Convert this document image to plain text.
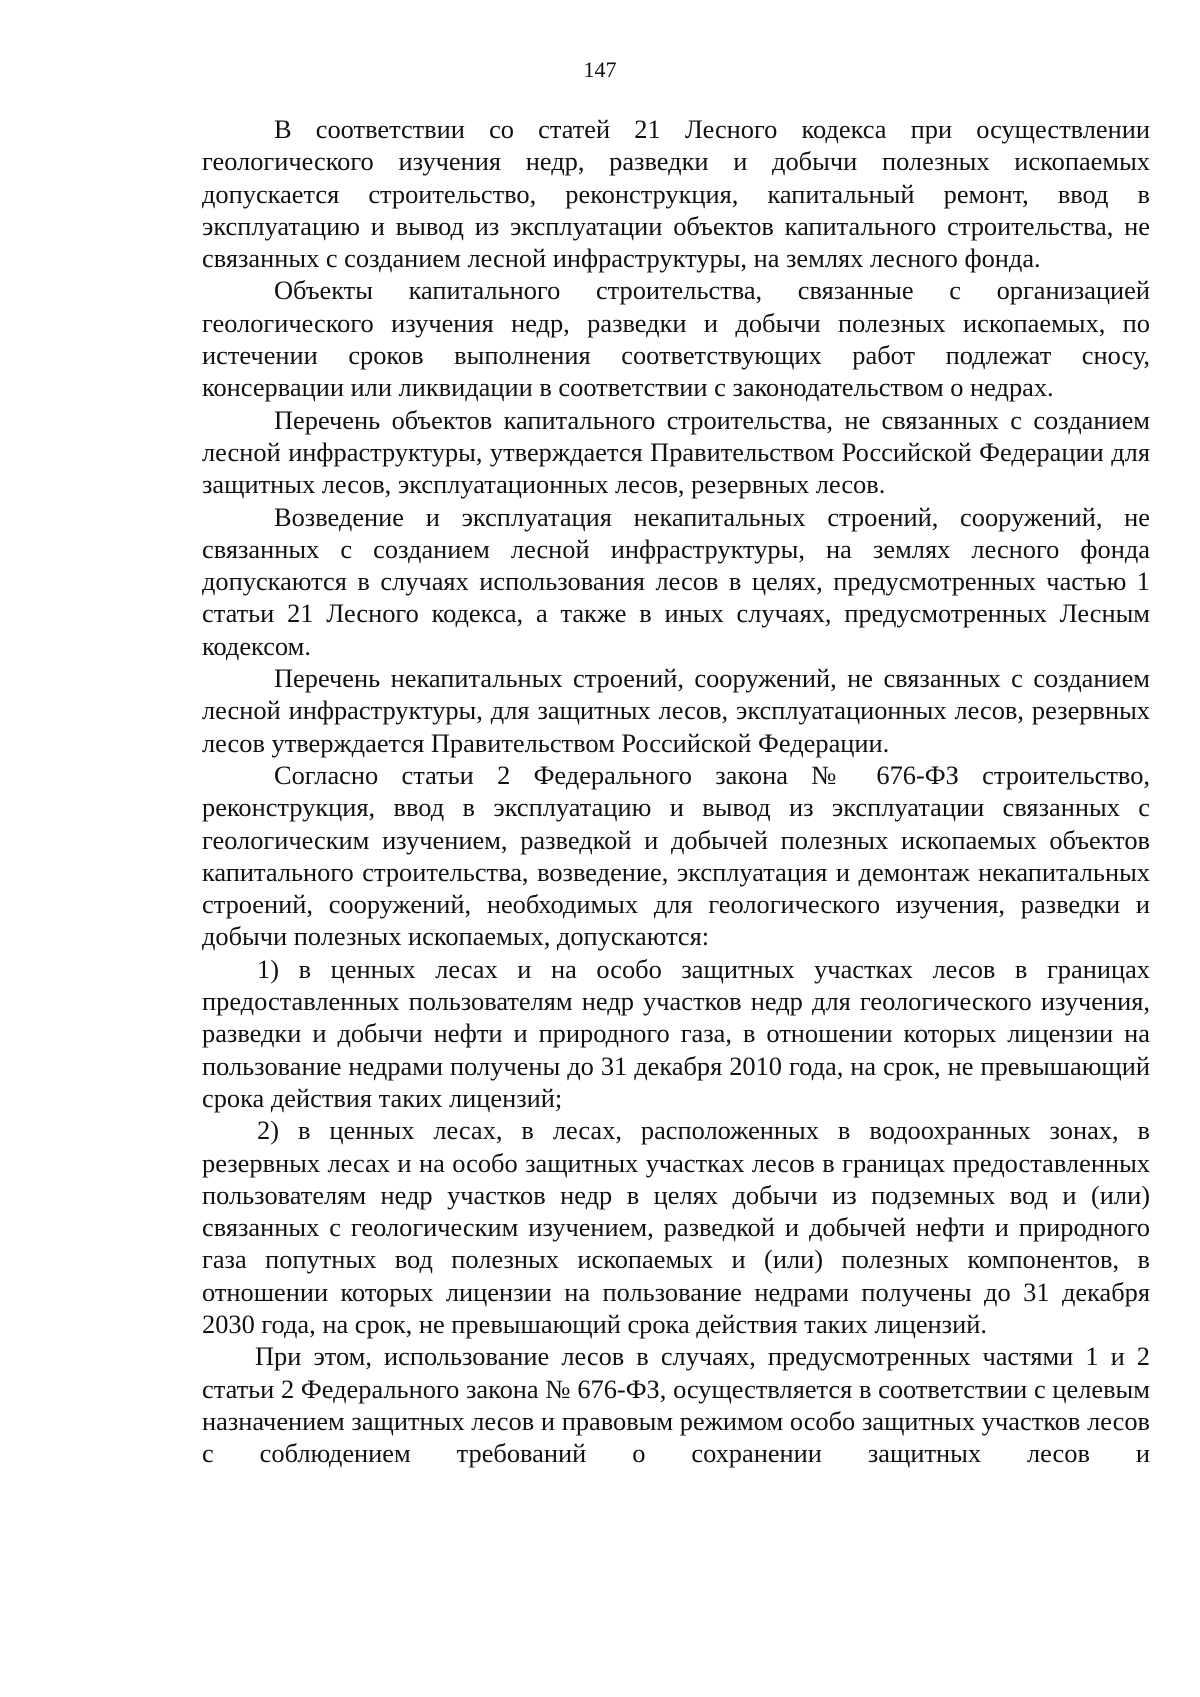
147

В соответствии со статей 21 Лесного кодекса при осуществлении геологического изучения недр, разведки и добычи полезных ископаемых допускается строительство, реконструкция, капитальный ремонт, ввод в эксплуатацию и вывод из эксплуатации объектов капитального строительства, не связанных с созданием лесной инфраструктуры, на землях лесного фонда.

Объекты капитального строительства, связанные с организацией геологического изучения недр, разведки и добычи полезных ископаемых, по истечении сроков выполнения соответствующих работ подлежат сносу, консервации или ликвидации в соответствии с законодательством о недрах.

Перечень объектов капитального строительства, не связанных с созданием лесной инфраструктуры, утверждается Правительством Российской Федерации для защитных лесов, эксплуатационных лесов, резервных лесов.

Возведение и эксплуатация некапитальных строений, сооружений, не связанных с созданием лесной инфраструктуры, на землях лесного фонда допускаются в случаях использования лесов в целях, предусмотренных частью 1 статьи 21 Лесного кодекса, а также в иных случаях, предусмотренных Лесным кодексом.

Перечень некапитальных строений, сооружений, не связанных с созданием лесной инфраструктуры, для защитных лесов, эксплуатационных лесов, резервных лесов утверждается Правительством Российской Федерации.

Согласно статьи 2 Федерального закона № 676-ФЗ строительство, реконструкция, ввод в эксплуатацию и вывод из эксплуатации связанных с геологическим изучением, разведкой и добычей полезных ископаемых объектов капитального строительства, возведение, эксплуатация и демонтаж некапитальных строений, сооружений, необходимых для геологического изучения, разведки и добычи полезных ископаемых, допускаются:

1) в ценных лесах и на особо защитных участках лесов в границах предоставленных пользователям недр участков недр для геологического изучения, разведки и добычи нефти и природного газа, в отношении которых лицензии на пользование недрами получены до 31 декабря 2010 года, на срок, не превышающий срока действия таких лицензий;

2) в ценных лесах, в лесах, расположенных в водоохранных зонах, в резервных лесах и на особо защитных участках лесов в границах предоставленных пользователям недр участков недр в целях добычи из подземных вод и (или) связанных с геологическим изучением, разведкой и добычей нефти и природного газа попутных вод полезных ископаемых и (или) полезных компонентов, в отношении которых лицензии на пользование недрами получены до 31 декабря 2030 года, на срок, не превышающий срока действия таких лицензий.

При этом, использование лесов в случаях, предусмотренных частями 1 и 2 статьи 2 Федерального закона № 676-ФЗ, осуществляется в соответствии с целевым назначением защитных лесов и правовым режимом особо защитных участков лесов с соблюдением требований о сохранении защитных лесов и
